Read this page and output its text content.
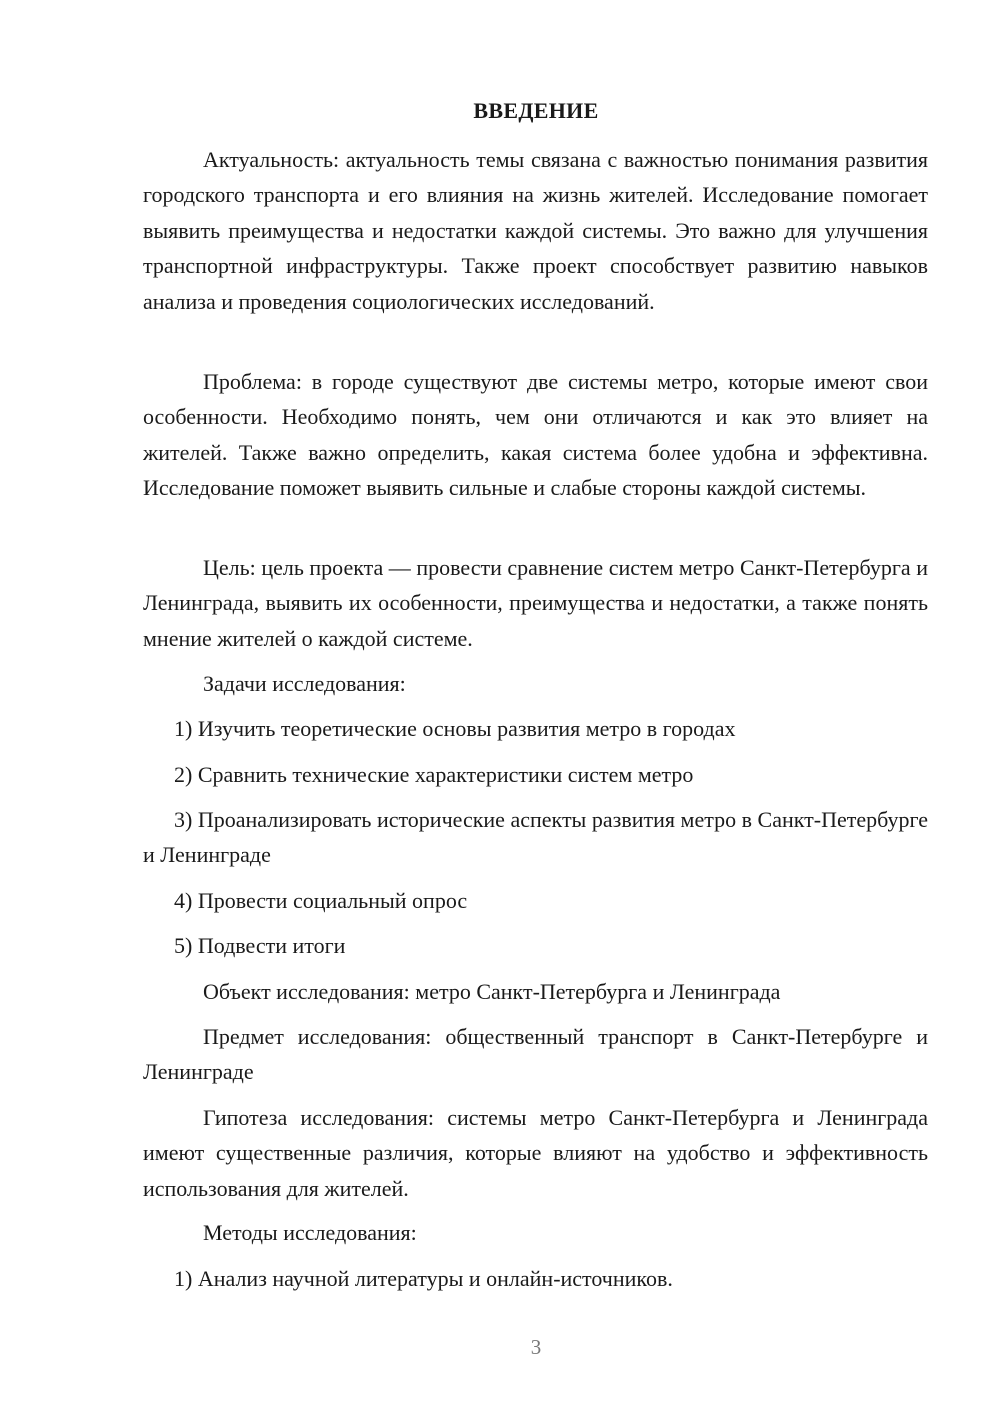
ВВЕДЕНИЕ

Актуальность: актуальность темы связана с важностью понимания развития городского транспорта и его влияния на жизнь жителей. Исследование помогает выявить преимущества и недостатки каждой системы. Это важно для улучшения транспортной инфраструктуры. Также проект способствует развитию навыков анализа и проведения социологических исследований.

Проблема: в городе существуют две системы метро, которые имеют свои особенности. Необходимо понять, чем они отличаются и как это влияет на жителей. Также важно определить, какая система более удобна и эффективна. Исследование поможет выявить сильные и слабые стороны каждой системы.

Цель: цель проекта — провести сравнение систем метро Санкт-Петербурга и Ленинграда, выявить их особенности, преимущества и недостатки, а также понять мнение жителей о каждой системе.

Задачи исследования:

1) Изучить теоретические основы развития метро в городах

2) Сравнить технические характеристики систем метро

3) Проанализировать исторические аспекты развития метро в Санкт-Петербурге и Ленинграде

4) Провести социальный опрос

5) Подвести итоги

Объект исследования: метро Санкт-Петербурга и Ленинграда

Предмет исследования: общественный транспорт в Санкт-Петербурге и Ленинграде

Гипотеза исследования: системы метро Санкт-Петербурга и Ленинграда имеют существенные различия, которые влияют на удобство и эффективность использования для жителей.

Методы исследования:

1) Анализ научной литературы и онлайн-источников.

3
